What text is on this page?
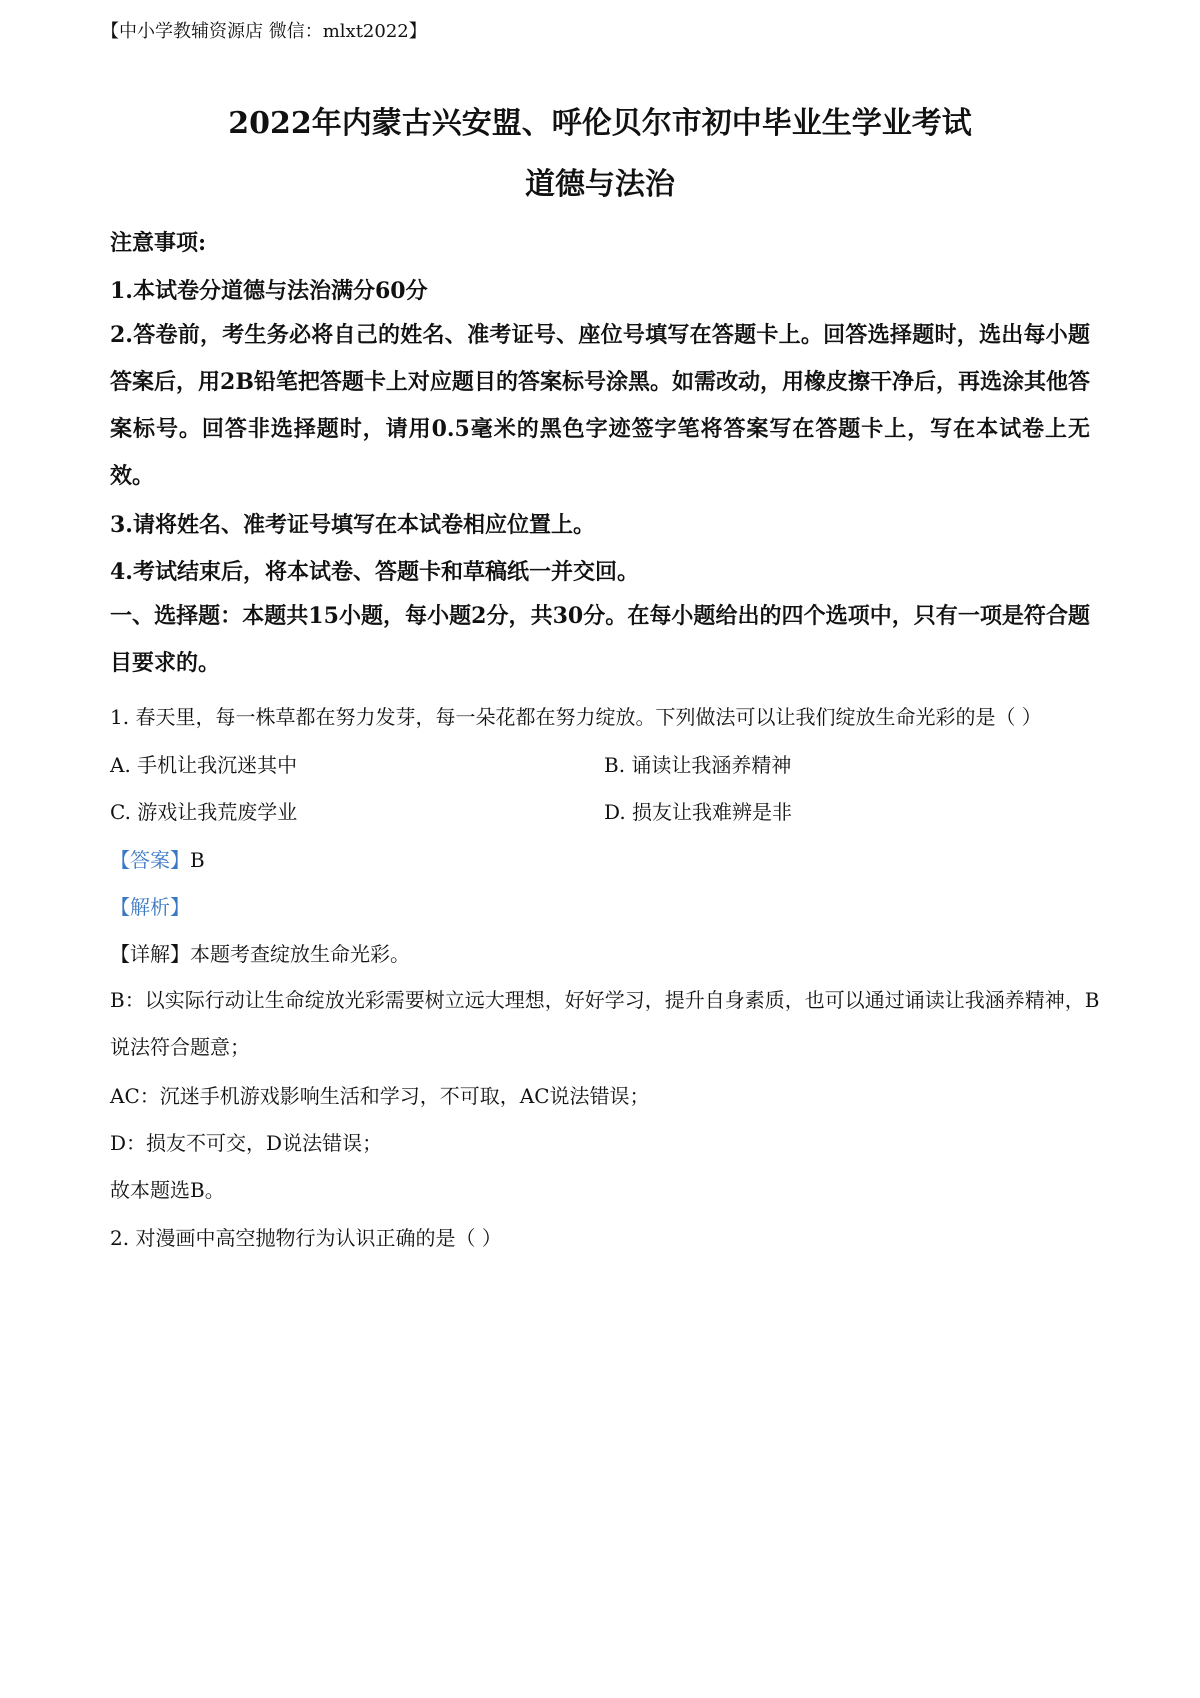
【中小学教辅资源店 微信：mlxt2022】
2022年内蒙古兴安盟、呼伦贝尔市初中毕业生学业考试
道德与法治
注意事项:
1.本试卷分道德与法治满分60分
2.答卷前，考生务必将自己的姓名、准考证号、座位号填写在答题卡上。回答选择题时，选出每小题答案后，用2B铅笔把答题卡上对应题目的答案标号涂黑。如需改动，用橡皮擦干净后，再选涂其他答案标号。回答非选择题时，请用0.5毫米的黑色字迹签字笔将答案写在答题卡上，写在本试卷上无效。
3.请将姓名、准考证号填写在本试卷相应位置上。
4.考试结束后，将本试卷、答题卡和草稿纸一并交回。
一、选择题：本题共15小题，每小题2分，共30分。在每小题给出的四个选项中，只有一项是符合题目要求的。
1. 春天里，每一株草都在努力发芽，每一朵花都在努力绽放。下列做法可以让我们绽放生命光彩的是（ ）
A. 手机让我沉迷其中	B. 诵读让我涵养精神
C. 游戏让我荒废学业	D. 损友让我难辨是非
【答案】B
【解析】
【详解】本题考查绽放生命光彩。
B：以实际行动让生命绽放光彩需要树立远大理想，好好学习，提升自身素质，也可以通过诵读让我涵养精神，B说法符合题意；
AC：沉迷手机游戏影响生活和学习，不可取，AC说法错误；
D：损友不可交，D说法错误；
故本题选B。
2. 对漫画中高空抛物行为认识正确的是（ ）
